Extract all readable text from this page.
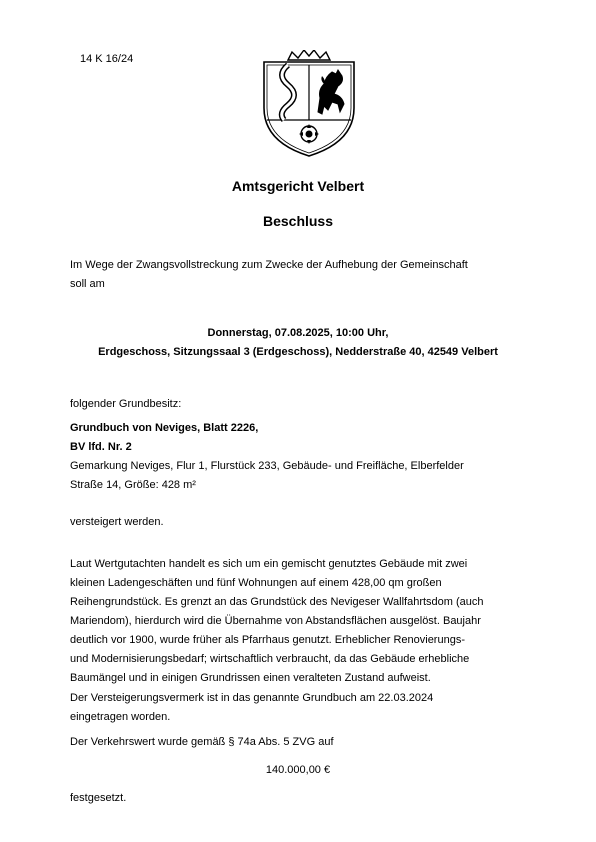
14 K 16/24
Amtsgericht Velbert
Beschluss

Im Wege der Zwangsvollstreckung zum Zwecke der Aufhebung der Gemeinschaft

soll am

Donnerstag, 07.08.2025, 10:00 Uhr,

Erdgeschoss, Sitzungssaal 3 (Erdgeschoss), Nedderstraße 40, 42549 Velbert

folgender Grundbesitz:

Grundbuch von Neviges, Blatt 2226,

BV lfd. Nr. 2

Gemarkung Neviges, Flur 1, Flurstück 233, Gebäude- und Freifläche, Elberfelder

Straße 14, Größe: 428 m²

versteigert werden.

Laut Wertgutachten handelt es sich um ein gemischt genutztes Gebäude mit zwei

kleinen Ladengeschäften und fünf Wohnungen auf einem 428,00 qm großen

Reihengrundstück. Es grenzt an das Grundstück des Nevigeser Wallfahrtsdom (auch

Mariendom), hierdurch wird die Übernahme von Abstandsflächen ausgelöst. Baujahr

deutlich vor 1900, wurde früher als Pfarrhaus genutzt. Erheblicher Renovierungs-

und Modernisierungsbedarf; wirtschaftlich verbraucht, da das Gebäude erhebliche

Baumängel und in einigen Grundrissen einen veralteten Zustand aufweist.

Der Versteigerungsvermerk ist in das genannte Grundbuch am 22.03.2024

eingetragen worden.

Der Verkehrswert wurde gemäß § 74a Abs. 5 ZVG auf
140.000,00 €
festgesetzt.
